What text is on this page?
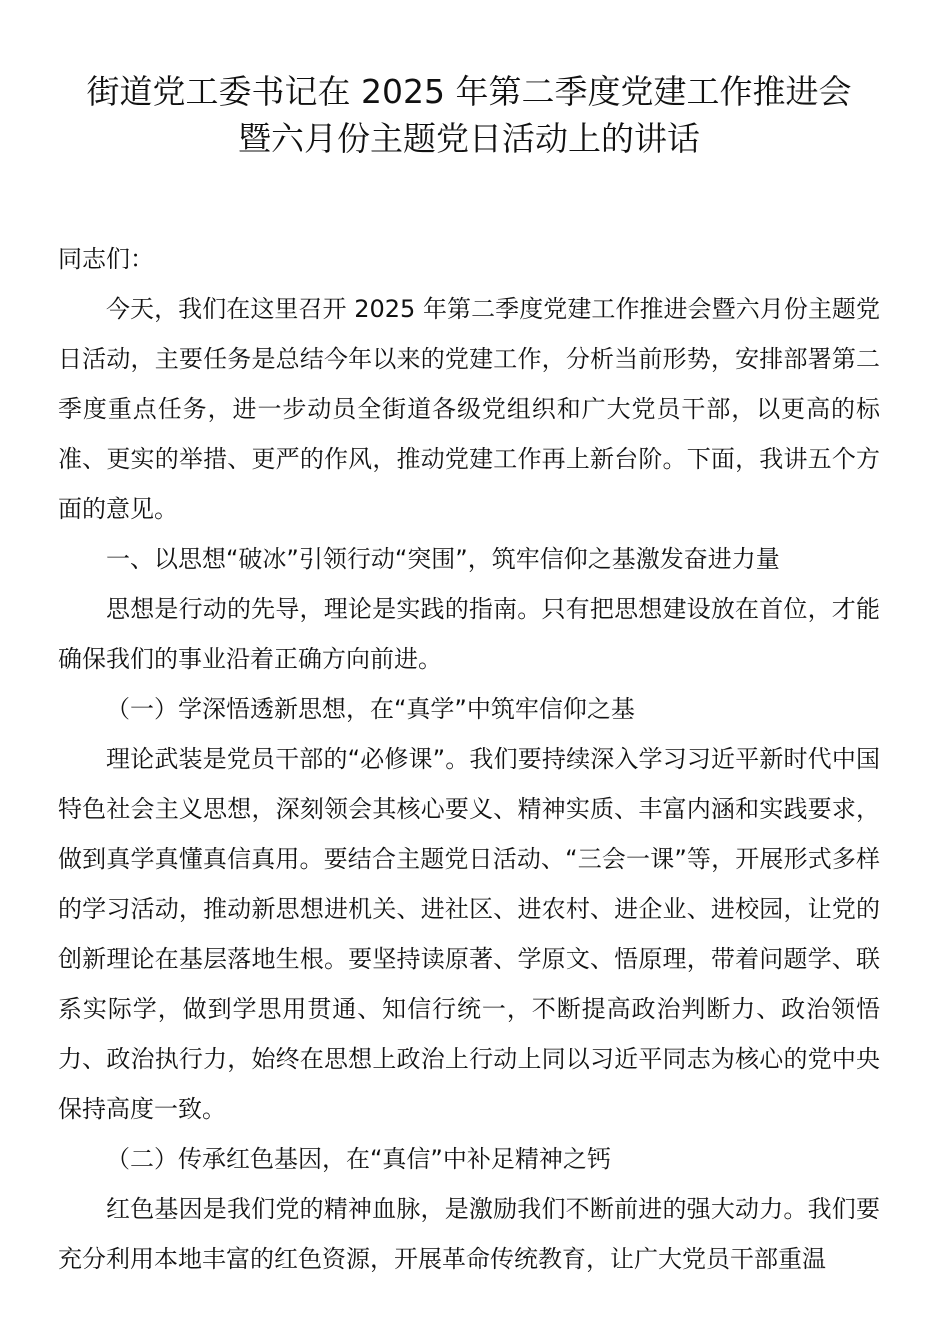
街道党工委书记在 2025 年第二季度党建工作推进会
暨六月份主题党日活动上的讲话

同志们：

今天，我们在这里召开 2025 年第二季度党建工作推进会暨六月份主题党日活动，主要任务是总结今年以来的党建工作，分析当前形势，安排部署第二季度重点任务，进一步动员全街道各级党组织和广大党员干部，以更高的标准、更实的举措、更严的作风，推动党建工作再上新台阶。下面，我讲五个方面的意见。

一、以思想“破冰”引领行动“突围”，筑牢信仰之基激发奋进力量

思想是行动的先导，理论是实践的指南。只有把思想建设放在首位，才能确保我们的事业沿着正确方向前进。

（一）学深悟透新思想，在“真学”中筑牢信仰之基

理论武装是党员干部的“必修课”。我们要持续深入学习习近平新时代中国特色社会主义思想，深刻领会其核心要义、精神实质、丰富内涵和实践要求，做到真学真懂真信真用。要结合主题党日活动、“三会一课”等，开展形式多样的学习活动，推动新思想进机关、进社区、进农村、进企业、进校园，让党的创新理论在基层落地生根。要坚持读原著、学原文、悟原理，带着问题学、联系实际学，做到学思用贯通、知信行统一，不断提高政治判断力、政治领悟力、政治执行力，始终在思想上政治上行动上同以习近平同志为核心的党中央保持高度一致。

（二）传承红色基因，在“真信”中补足精神之钙

红色基因是我们党的精神血脉，是激励我们不断前进的强大动力。我们要充分利用本地丰富的红色资源，开展革命传统教育，让广大党员干部重温
